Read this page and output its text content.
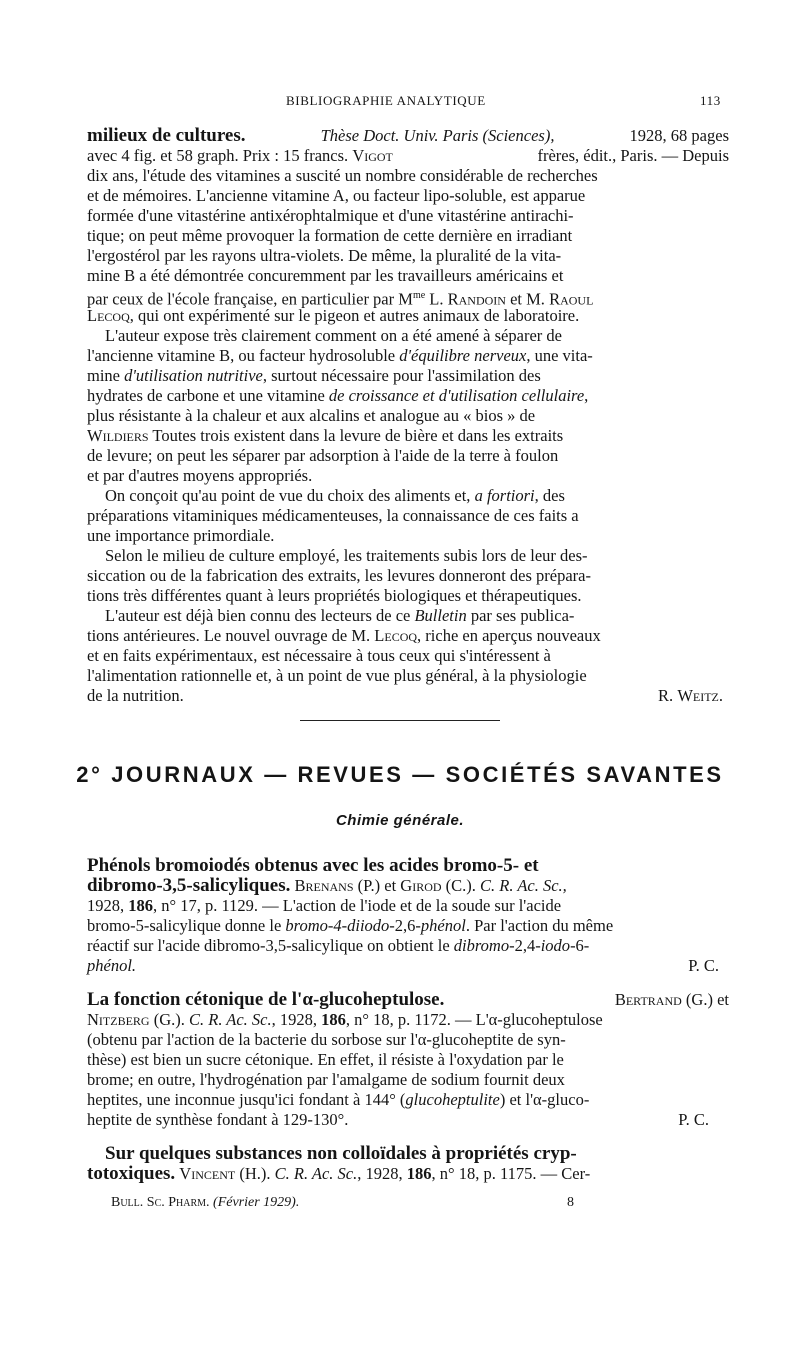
BIBLIOGRAPHIE ANALYTIQUE	113
milieux de cultures.	Thèse Doct. Univ. Paris (Sciences),	1928, 68 pages
avec 4 fig. et 58 graph. Prix : 15 francs. Vigot	frères, édit., Paris. — Depuis
dix ans, l'étude des vitamines a suscité un nombre considérable de recherches
et de mémoires. L'ancienne vitamine A, ou facteur lipo-soluble, est apparue
formée d'une vitastérine antixérophtalmique et d'une vitastérine antirachi-
tique; on peut même provoquer la formation de cette dernière en irradiant
l'ergostérol par les rayons ultra-violets. De même, la pluralité de la vita-
mine B a été démontrée concuremment par les travailleurs américains et
par ceux de l'école française, en particulier par $M^{me}$ L. Randoin et M. Raoul
Lecoq, qui ont expérimenté sur le pigeon et autres animaux de laboratoire.
L'auteur expose très clairement comment on a été amené à séparer de
l'ancienne vitamine B, ou facteur hydrosoluble d'équilibre nerveux, une vita-
mine d'utilisation nutritive, surtout nécessaire pour l'assimilation des
hydrates de carbone et une vitamine de croissance et d'utilisation cellulaire,
plus résistante à la chaleur et aux alcalins et analogue au « bios » de
Wildiers Toutes trois existent dans la levure de bière et dans les extraits
de levure; on peut les séparer par adsorption à l'aide de la terre à foulon
et par d'autres moyens appropriés.
On conçoit qu'au point de vue du choix des aliments et, a fortiori, des
préparations vitaminiques médicamenteuses, la connaissance de ces faits a
une importance primordiale.
Selon le milieu de culture employé, les traitements subis lors de leur des-
siccation ou de la fabrication des extraits, les levures donneront des prépara-
tions très différentes quant à leurs propriétés biologiques et thérapeutiques.
L'auteur est déjà bien connu des lecteurs de ce Bulletin par ses publica-
tions antérieures. Le nouvel ouvrage de M. Lecoq, riche en aperçus nouveaux
et en faits expérimentaux, est nécessaire à tous ceux qui s'intéressent à
l'alimentation rationnelle et, à un point de vue plus général, à la physiologie
de la nutrition.	R. Weitz.
2° JOURNAUX — REVUES — SOCIÉTÉS SAVANTES
Chimie générale.
Phénols bromoiodés obtenus avec les acides bromo-5- et
dibromo-3,5-salicyliques. Brenans (P.) et Girod (C.). C. R. Ac. Sc.,
1928, 186, n° 17, p. 1129. — L'action de l'iode et de la soude sur l'acide
bromo-5-salicylique donne le bromo-4-diiodo-2,6-phénol. Par l'action du même
réactif sur l'acide dibromo-3,5-salicylique on obtient le dibromo-2,4-iodo-6-
phénol.	P. C.
La fonction cétonique de l'α-glucoheptulose.	Bertrand (G.) et
Nitzberg (G.). C. R. Ac. Sc., 1928, 186, n° 18, p. 1172. — L'α-glucoheptulose
(obtenu par l'action de la bacterie du sorbose sur l'α-glucoheptite de syn-
thèse) est bien un sucre cétonique. En effet, il résiste à l'oxydation par le
brome; en outre, l'hydrogénation par l'amalgame de sodium fournit deux
heptites, une inconnue jusqu'ici fondant à 144° (glucoheptulite) et l'α-gluco-
heptite de synthèse fondant à 129-130°.	P. C.
Sur quelques substances non colloïdales à propriétés cryp-
totoxiques. Vincent (H.). C. R. Ac. Sc., 1928, 186, n° 18, p. 1175. — Cer-
Bull. Sc. Pharm. (Février 1929).	8
